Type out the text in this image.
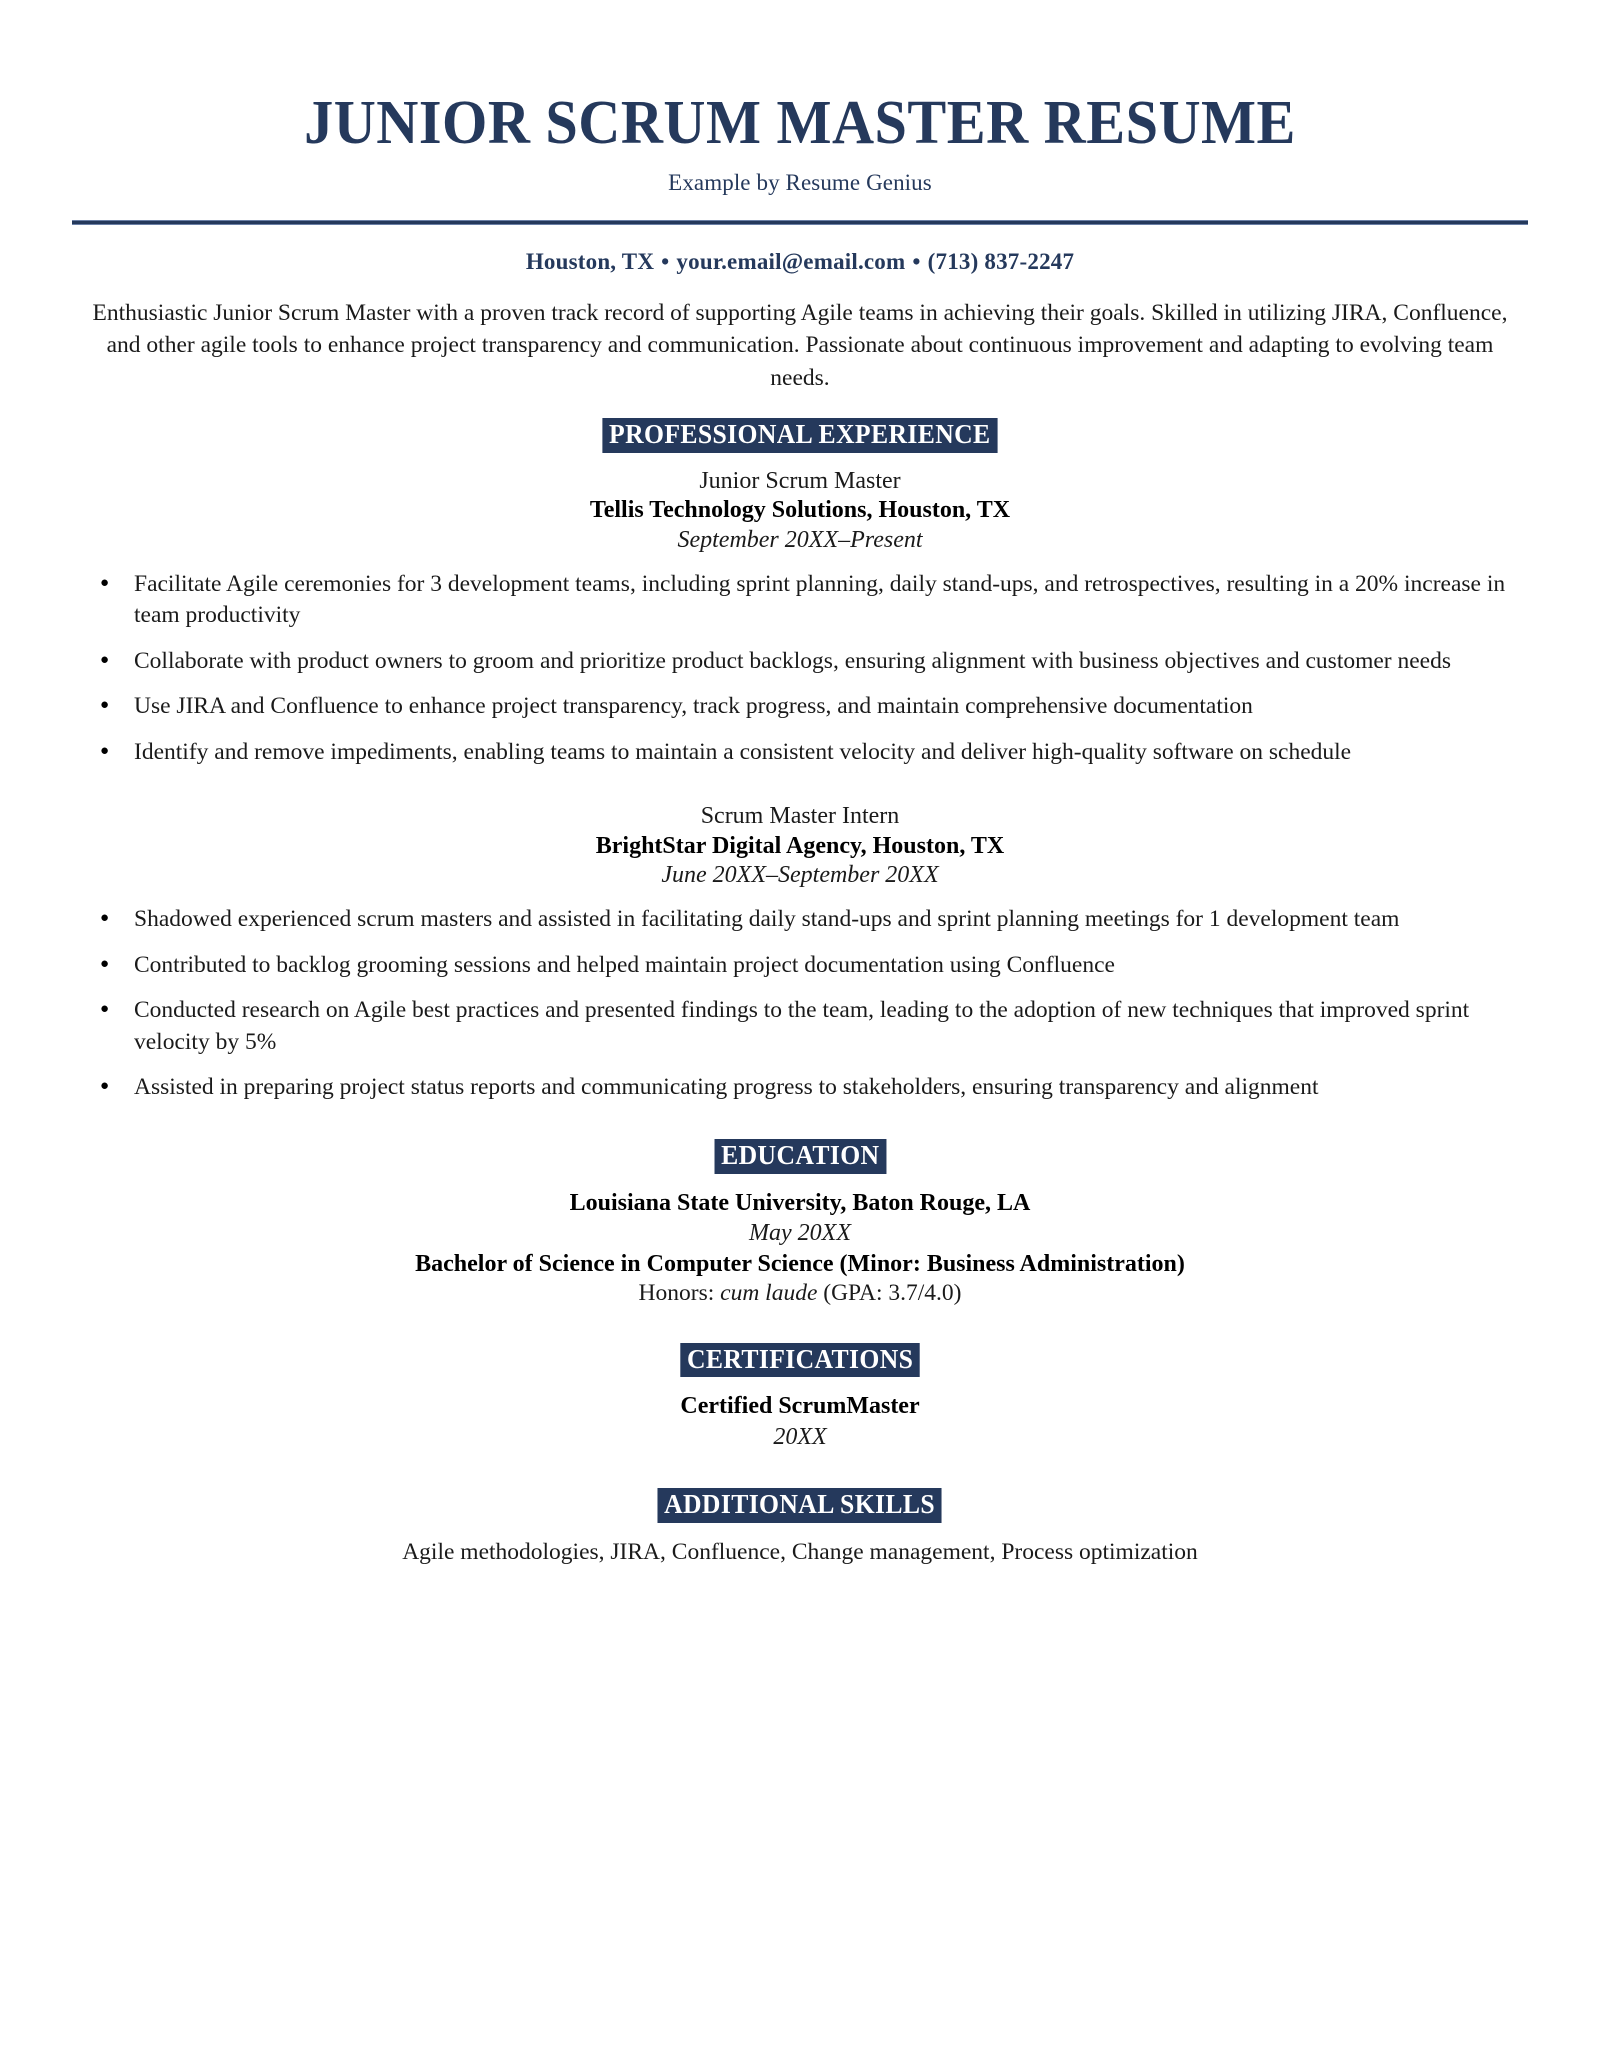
JUNIOR SCRUM MASTER RESUME
Example by Resume Genius
Houston, TX • your.email@email.com • (713) 837-2247
Enthusiastic Junior Scrum Master with a proven track record of supporting Agile teams in achieving their goals. Skilled in utilizing JIRA, Confluence, and other agile tools to enhance project transparency and communication. Passionate about continuous improvement and adapting to evolving team needs.
PROFESSIONAL EXPERIENCE
Junior Scrum Master
Tellis Technology Solutions, Houston, TX
September 20XX–Present
● Facilitate Agile ceremonies for 3 development teams, including sprint planning, daily stand-ups, and retrospectives, resulting in a 20% increase in team productivity
● Collaborate with product owners to groom and prioritize product backlogs, ensuring alignment with business objectives and customer needs
● Use JIRA and Confluence to enhance project transparency, track progress, and maintain comprehensive documentation
● Identify and remove impediments, enabling teams to maintain a consistent velocity and deliver high-quality software on schedule
Scrum Master Intern
BrightStar Digital Agency, Houston, TX
June 20XX–September 20XX
● Shadowed experienced scrum masters and assisted in facilitating daily stand-ups and sprint planning meetings for 1 development team
● Contributed to backlog grooming sessions and helped maintain project documentation using Confluence
● Conducted research on Agile best practices and presented findings to the team, leading to the adoption of new techniques that improved sprint velocity by 5%
● Assisted in preparing project status reports and communicating progress to stakeholders, ensuring transparency and alignment
EDUCATION
Louisiana State University, Baton Rouge, LA
May 20XX
Bachelor of Science in Computer Science (Minor: Business Administration)
Honors: cum laude (GPA: 3.7/4.0)
CERTIFICATIONS
Certified ScrumMaster
20XX
ADDITIONAL SKILLS
Agile methodologies, JIRA, Confluence, Change management, Process optimization
